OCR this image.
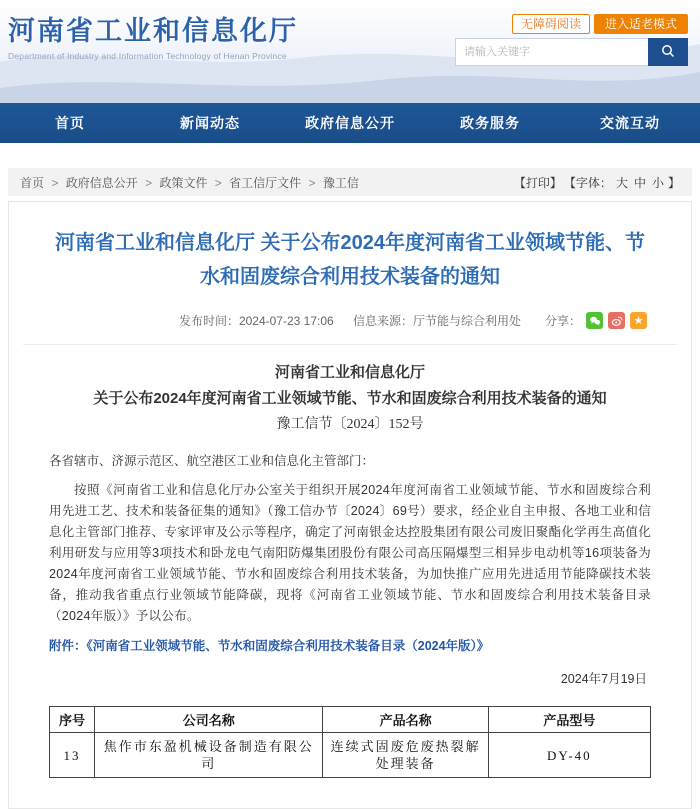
河南省工业和信息化厅
Department of Industry and Information Technology of Henan Province
无障碍阅读	进入适老模式
请输入关键字
首页	新闻动态	政府信息公开	政务服务	交流互动
首页 > 政府信息公开 > 政策文件 > 省工信厅文件 > 豫工信	【打印】 【字体： 大 中 小 】
河南省工业和信息化厅 关于公布2024年度河南省工业领域节能、节水和固废综合利用技术装备的通知
发布时间：2024-07-23 17:06 信息来源：厅节能与综合利用处 分享：	★
河南省工业和信息化厅
关于公布2024年度河南省工业领域节能、节水和固废综合利用技术装备的通知
豫工信节〔2024〕152号

各省辖市、济源示范区、航空港区工业和信息化主管部门：

按照《河南省工业和信息化厅办公室关于组织开展2024年度河南省工业领域节能、节水和固废综合利用先进工艺、技术和装备征集的通知》（豫工信办节〔2024〕69号）要求，经企业自主申报、各地工业和信息化主管部门推荐、专家评审及公示等程序，确定了河南银金达控股集团有限公司废旧聚酯化学再生高值化利用研发与应用等3项技术和卧龙电气南阳防爆集团股份有限公司高压隔爆型三相异步电动机等16项装备为2024年度河南省工业领域节能、节水和固废综合利用技术装备，为加快推广应用先进适用节能降碳技术装备，推动我省重点行业领域节能降碳，现将《河南省工业领域节能、节水和固废综合利用技术装备目录（2024年版）》予以公布。

附件：《河南省工业领域节能、节水和固废综合利用技术装备目录（2024年版）》

2024年7月19日

序号	公司名称	产品名称	产品型号
13	焦作市东盈机械设备制造有限公司	连续式固废危废热裂解处理装备	DY-40
